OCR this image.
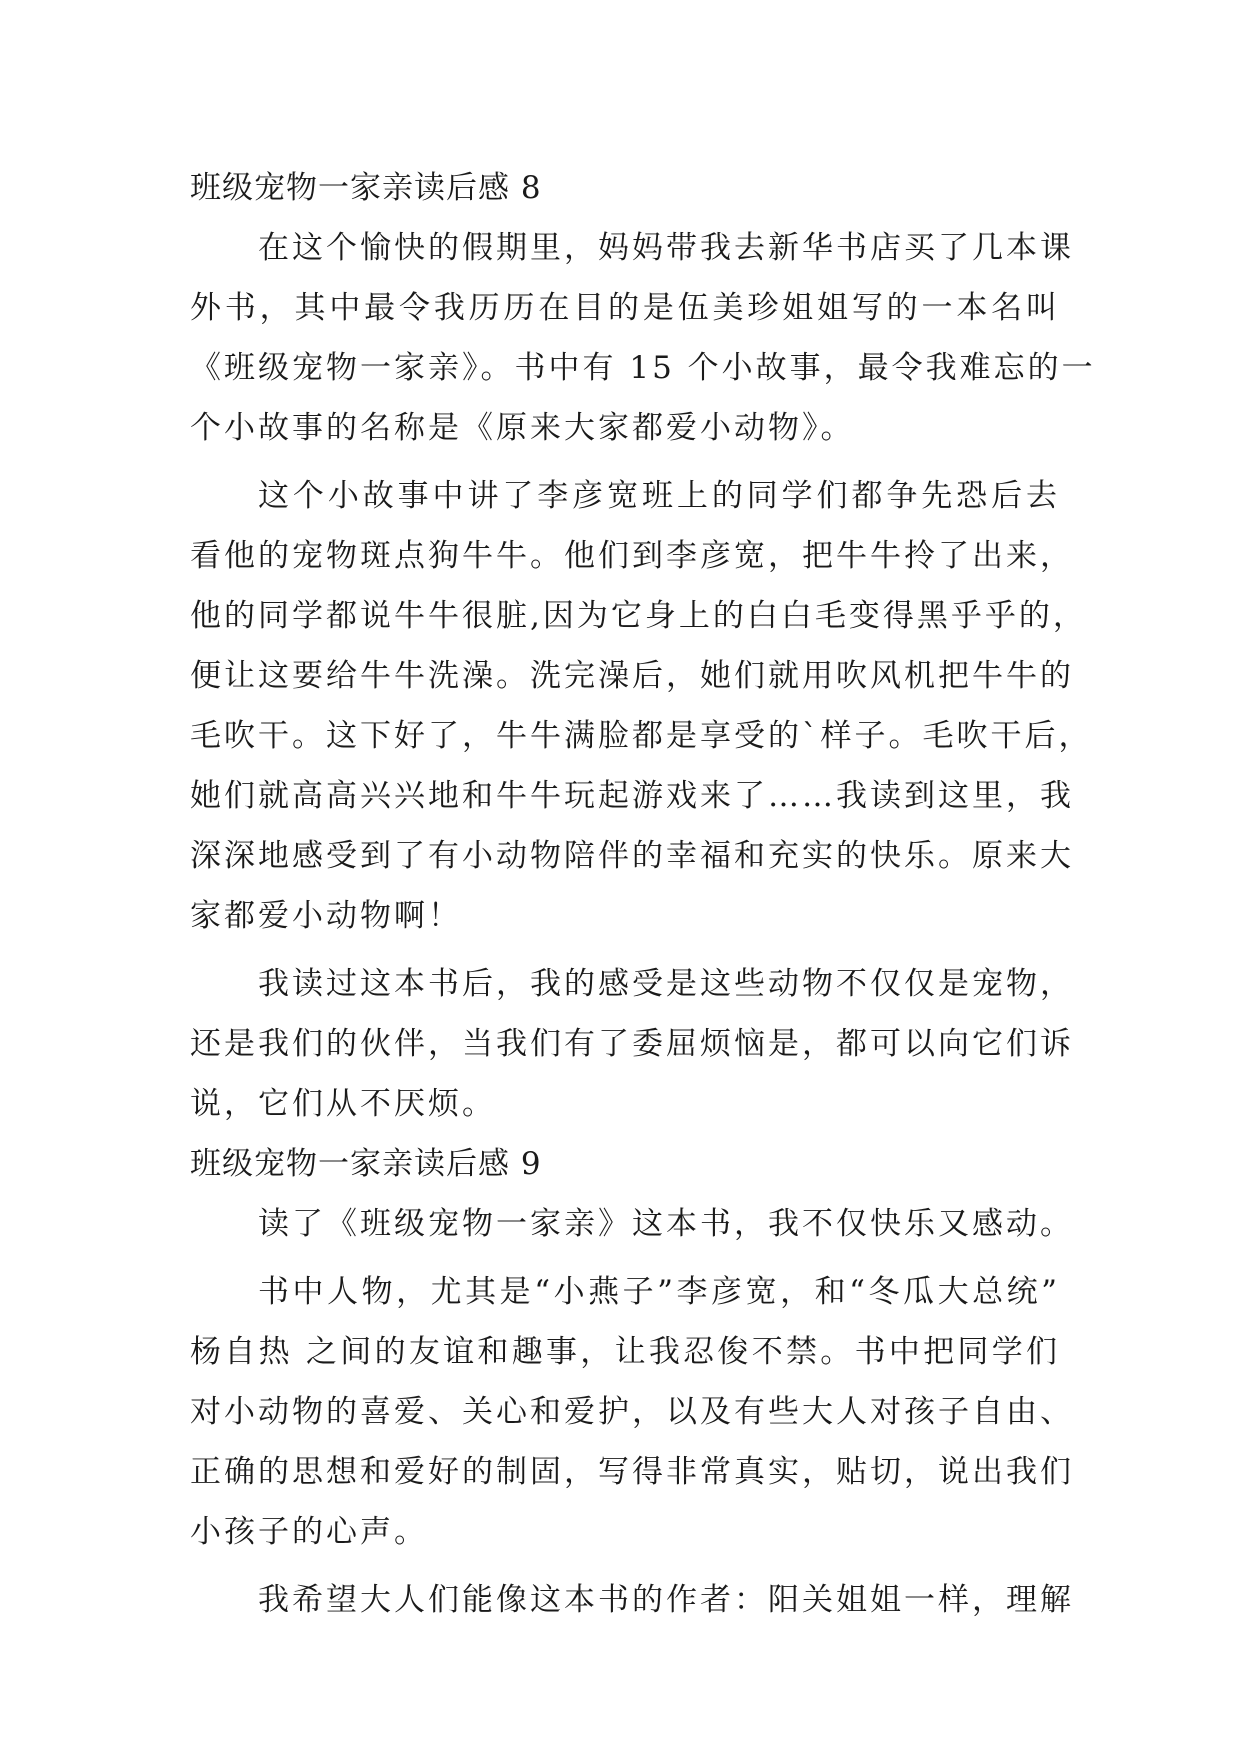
班级宠物一家亲读后感 8
在这个愉快的假期里，妈妈带我去新华书店买了几本课
外书，其中最令我历历在目的是伍美珍姐姐写的一本名叫
《班级宠物一家亲》。书中有 15 个小故事，最令我难忘的一
个小故事的名称是《原来大家都爱小动物》。
这个小故事中讲了李彦宽班上的同学们都争先恐后去
看他的宠物斑点狗牛牛。他们到李彦宽，把牛牛拎了出来，
他的同学都说牛牛很脏,因为它身上的白白毛变得黑乎乎的，
便让这要给牛牛洗澡。洗完澡后，她们就用吹风机把牛牛的
毛吹干。这下好了，牛牛满脸都是享受的`样子。毛吹干后，
她们就高高兴兴地和牛牛玩起游戏来了……我读到这里，我
深深地感受到了有小动物陪伴的幸福和充实的快乐。原来大
家都爱小动物啊！
我读过这本书后，我的感受是这些动物不仅仅是宠物，
还是我们的伙伴，当我们有了委屈烦恼是，都可以向它们诉
说，它们从不厌烦。
班级宠物一家亲读后感 9
读了《班级宠物一家亲》这本书，我不仅快乐又感动。
书中人物，尤其是“小燕子”李彦宽，和“冬瓜大总统”
杨自热 之间的友谊和趣事，让我忍俊不禁。书中把同学们
对小动物的喜爱、关心和爱护，以及有些大人对孩子自由、
正确的思想和爱好的制固，写得非常真实，贴切，说出我们
小孩子的心声。
我希望大人们能像这本书的作者：阳关姐姐一样，理解
